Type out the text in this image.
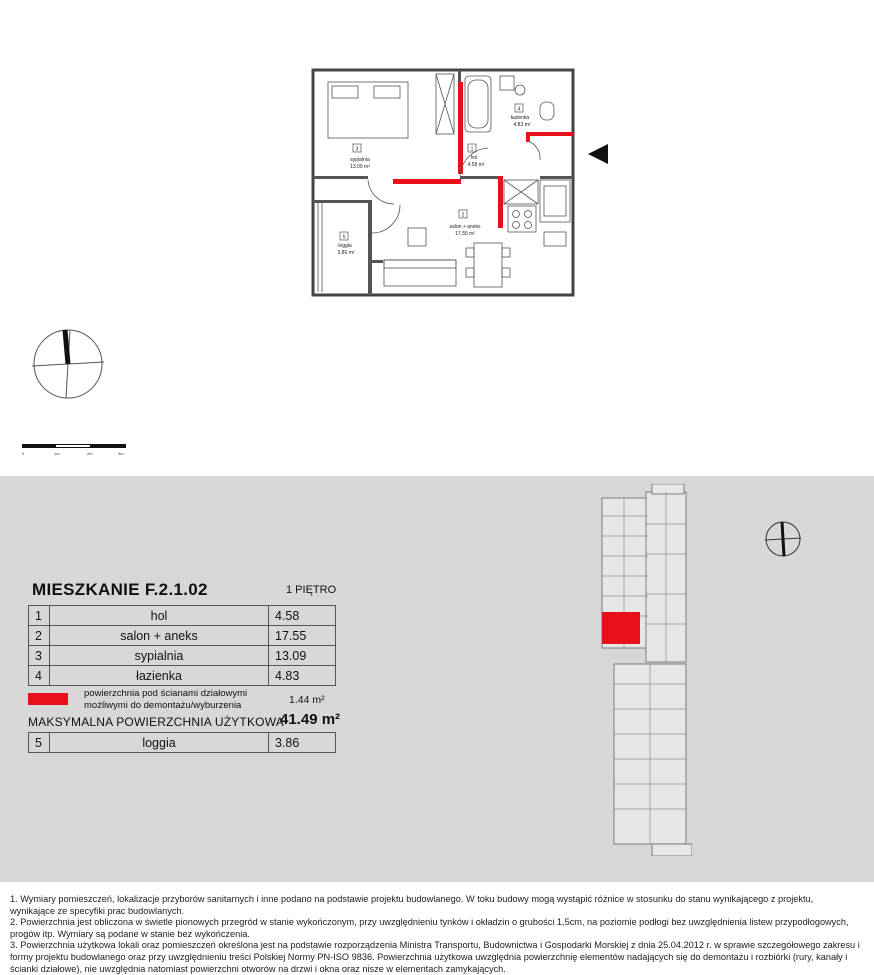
3
sypialnia
13.09 m²
1
hol
4.58 m²
4
łazienka
4.83 m²
2
salon + aneks
17.55 m²
5
loggia
3.86 m²
0	1m	2m	3m
MIESZKANIE F.2.1.02	1 PIĘTRO
1	hol	4.58
2	salon + aneks	17.55
3	sypialnia	13.09
4	łazienka	4.83
powierzchnia pod ścianami działowymi
możliwymi do demontażu/wyburzenia	1.44 m²
MAKSYMALNA POWIERZCHNIA UŻYTKOWA
41.49 m²
5	loggia	3.86

1. Wymiary pomieszczeń, lokalizacje przyborów sanitarnych i inne podano na podstawie projektu budowlanego. W toku budowy mogą wystąpić różnice w stosunku do stanu wynikającego z projektu, wynikające ze specyfiki prac budowlanych.

2. Powierzchnia jest obliczona w świetle pionowych przegród w stanie wykończonym, przy uwzględnieniu tynków i okładzin o grubości 1,5cm, na poziomie podłogi bez uwzględnienia listew przypodłogowych, progów itp. Wymiary są podane w stanie bez wykończenia.

3. Powierzchnia użytkowa lokali oraz pomieszczeń określona jest na podstawie rozporządzenia Ministra Transportu, Budownictwa i Gospodarki Morskiej z dnia 25.04.2012 r. w sprawie szczegółowego zakresu i formy projektu budowlanego oraz przy uwzględnieniu treści Polskiej Normy PN-ISO 9836. Powierzchnia użytkowa uwzględnia powierzchnię elementów nadających się do demontażu i rozbiórki (rury, kanały i ścianki działowe), nie uwzględnia natomiast powierzchni otworów na drzwi i okna oraz nisze w elementach zamykających.
